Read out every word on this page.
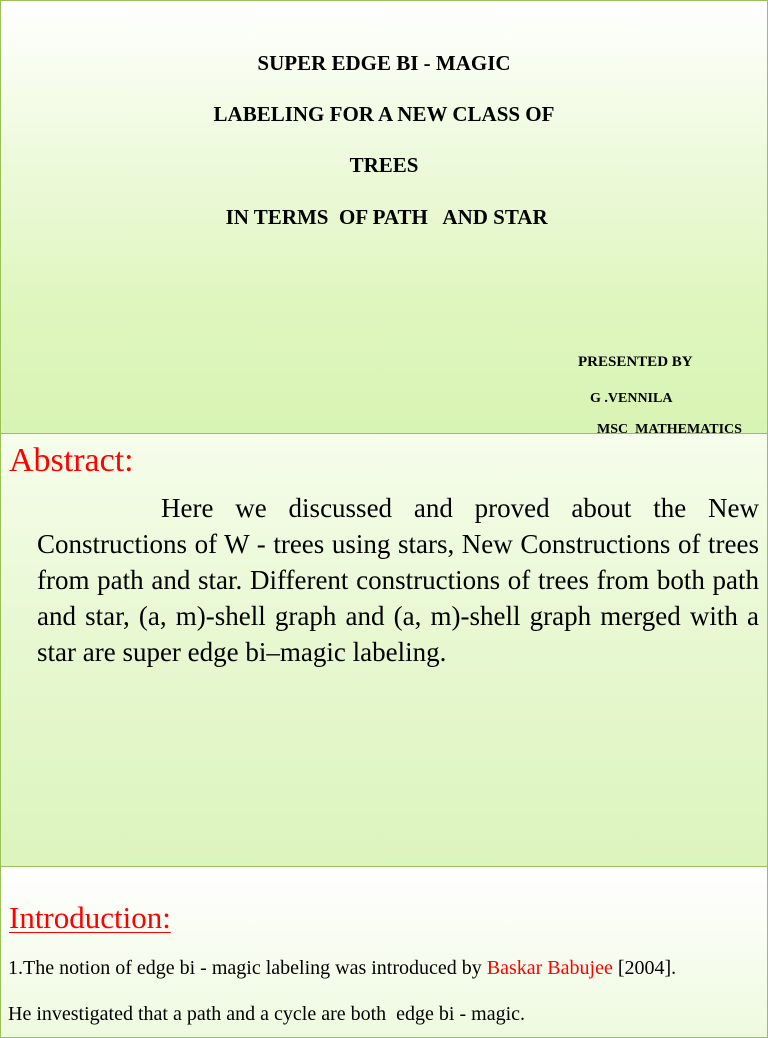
SUPER EDGE BI - MAGIC

LABELING FOR A NEW CLASS OF

TREES

IN TERMS  OF PATH   AND STAR

PRESENTED BY

G .VENNILA

MSC  MATHEMATICS

Abstract:

Here we discussed and proved about the New Constructions of W - trees using stars, New Constructions of trees from path and star. Different constructions of trees from both path and star, (a, m)-shell graph and (a, m)-shell graph merged with a star are super edge bi–magic labeling.

Introduction:

1.The notion of edge bi - magic labeling was introduced by Baskar Babujee [2004].

He investigated that a path and a cycle are both  edge bi - magic.
